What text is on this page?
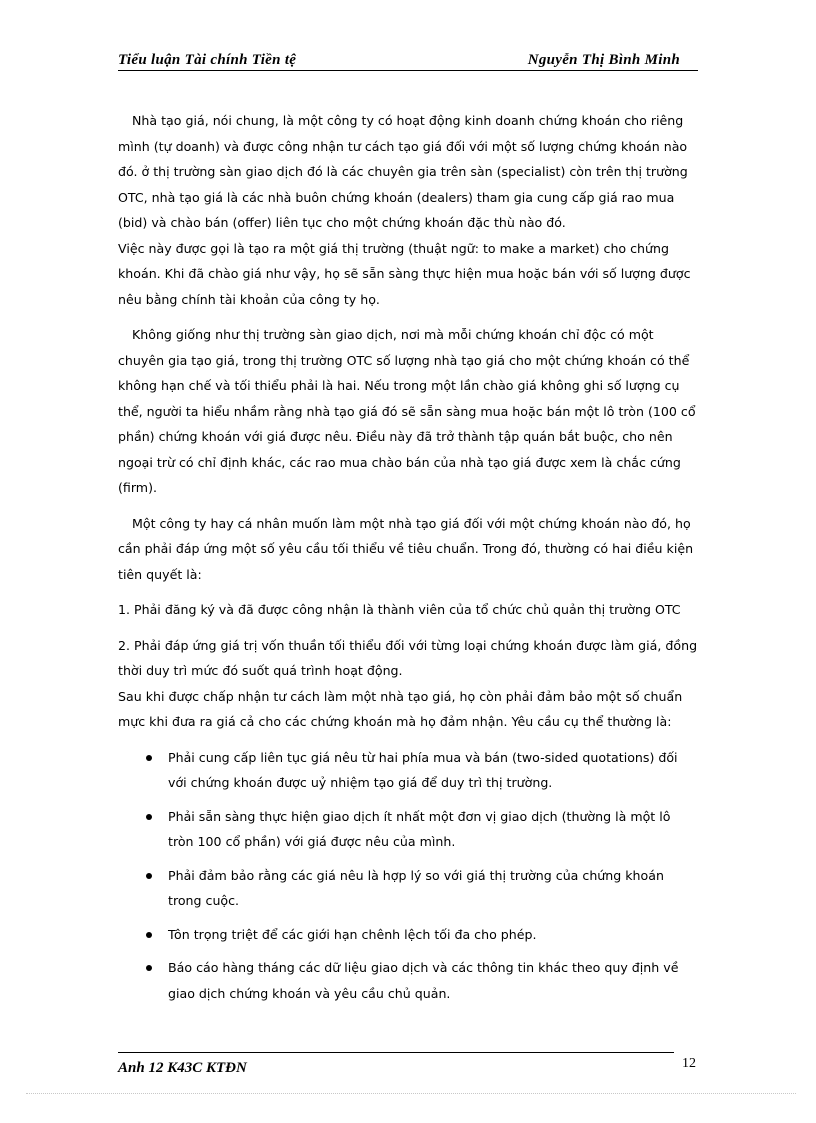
Tiểu luận Tài chính Tiền tệ	Nguyễn Thị Bình Minh

Nhà tạo giá, nói chung, là một công ty có hoạt động kinh doanh chứng khoán cho riêng mình (tự doanh) và được công nhận tư cách tạo giá đối với một số lượng chứng khoán nào đó. ở thị trường sàn giao dịch đó là các chuyên gia trên sàn (specialist) còn trên thị trường OTC, nhà tạo giá là các nhà buôn chứng khoán (dealers) tham gia cung cấp giá rao mua (bid) và chào bán (offer) liên tục cho một chứng khoán đặc thù nào đó.

Việc này được gọi là tạo ra một giá thị trường (thuật ngữ: to make a market) cho chứng khoán. Khi đã chào giá như vậy, họ sẽ sẵn sàng thực hiện mua hoặc bán với số lượng được nêu bằng chính tài khoản của công ty họ.

Không giống như thị trường sàn giao dịch, nơi mà mỗi chứng khoán chỉ độc có một chuyên gia tạo giá, trong thị trường OTC số lượng nhà tạo giá cho một chứng khoán có thể không hạn chế và tối thiểu phải là hai. Nếu trong một lần chào giá không ghi số lượng cụ thể, người ta hiểu nhầm rằng nhà tạo giá đó sẽ sẵn sàng mua hoặc bán một lô tròn (100 cổ phần) chứng khoán với giá được nêu. Điều này đã trở thành tập quán bắt buộc, cho nên ngoại trừ có chỉ định khác, các rao mua chào bán của nhà tạo giá được xem là chắc cứng (firm).

Một công ty hay cá nhân muốn làm một nhà tạo giá đối với một chứng khoán nào đó, họ cần phải đáp ứng một số yêu cầu tối thiểu về tiêu chuẩn. Trong đó, thường có hai điều kiện tiên quyết là:

1. Phải đăng ký và đã được công nhận là thành viên của tổ chức chủ quản thị trường OTC

2. Phải đáp ứng giá trị vốn thuần tối thiểu đối với từng loại chứng khoán được làm giá, đồng thời duy trì mức đó suốt quá trình hoạt động.

Sau khi được chấp nhận tư cách làm một nhà tạo giá, họ còn phải đảm bảo một số chuẩn mực khi đưa ra giá cả cho các chứng khoán mà họ đảm nhận. Yêu cầu cụ thể thường là:

Phải cung cấp liên tục giá nêu từ hai phía mua và bán (two-sided quotations) đối với chứng khoán được uỷ nhiệm tạo giá để duy trì thị trường.
Phải sẵn sàng thực hiện giao dịch ít nhất một đơn vị giao dịch (thường là một lô tròn 100 cổ phần) với giá được nêu của mình.
Phải đảm bảo rằng các giá nêu là hợp lý so với giá thị trường của chứng khoán trong cuộc.
Tôn trọng triệt để các giới hạn chênh lệch tối đa cho phép.
Báo cáo hàng tháng các dữ liệu giao dịch và các thông tin khác theo quy định về giao dịch chứng khoán và yêu cầu chủ quản.
Anh 12 K43C KTĐN	12
